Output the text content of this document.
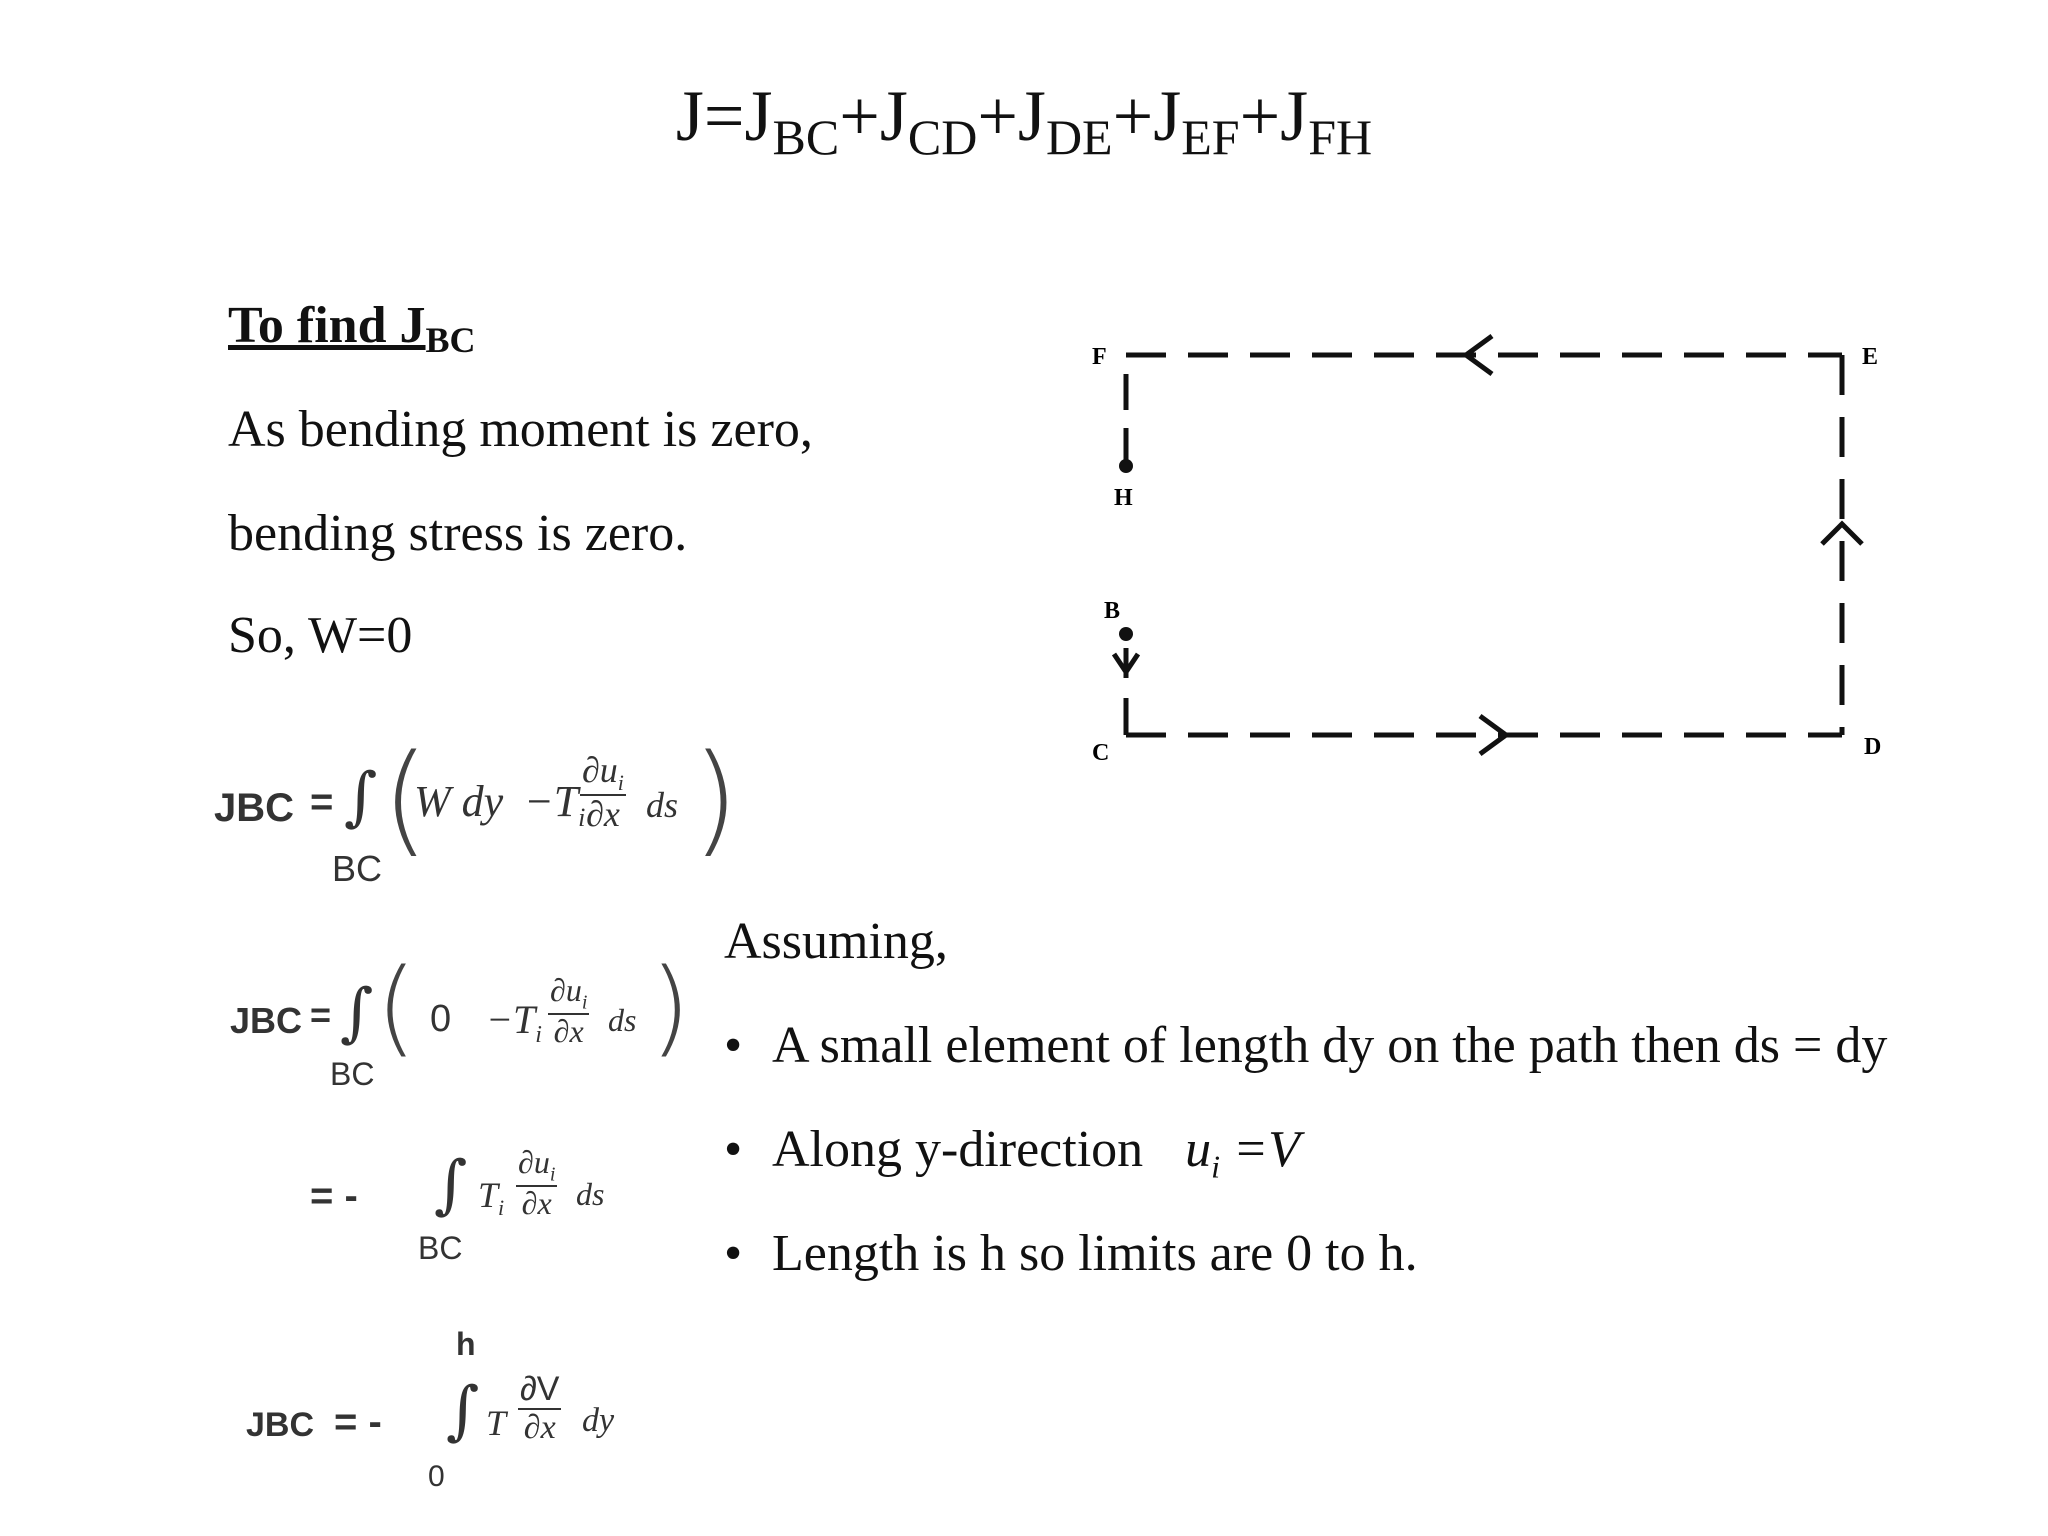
$J=J_{BC}+J_{CD}+J_{DE}+J_{EF}+J_{FH}$
To find $J_{BC}$
As bending moment is zero,
bending stress is zero.
So, W=0
JBC = ∫
BC (
W dy $-T_i$
$\frac{\partial u_i}{\partial x}$ ds )
JBC = ∫
BC
( $0 -T_i \frac{\partial u_i}{\partial x}$ ds )
= - ∫
BC
$T_i \frac{\partial u_i}{\partial x}$ ds
h
JBC = - ∫
0
T $\frac{\partial V}{\partial x}$ dy
Assuming,
• A small element of length dy on the path then ds = dy
• Along y-direction $u_i =V$
• Length is h so limits are 0 to h.
F	E
H
B
C	D
